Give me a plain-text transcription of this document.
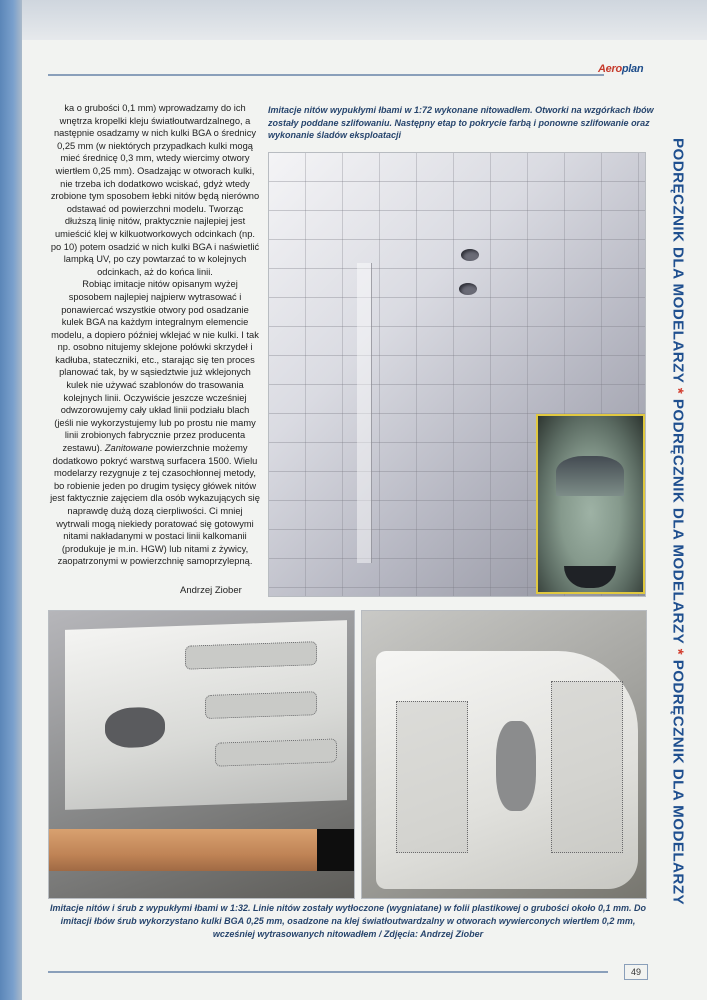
Aeroplan
PODRĘCZNIK DLA MODELARZY * PODRĘCZNIK DLA MODELARZY * PODRĘCZNIK DLA MODELARZY

ka o grubości 0,1 mm) wprowadzamy do ich wnętrza kropelki kleju światłoutwardzalnego, a następnie osadzamy w nich kulki BGA o średnicy 0,25 mm (w niektórych przypadkach kulki mogą mieć średnicę 0,3 mm, wtedy wiercimy otwory wiertłem 0,25 mm). Osadzając w otworach kulki, nie trzeba ich dodatkowo wciskać, gdyż wtedy zrobione tym sposobem łebki nitów będą nierówno odstawać od powierzchni modelu. Tworząc dłuższą linię nitów, praktycznie najlepiej jest umieścić klej w kilkuotworkowych odcinkach (np. po 10) potem osadzić w nich kulki BGA i naświetlić lampką UV, po czy powtarzać to w kolejnych odcinkach, aż do końca linii.

Robiąc imitacje nitów opisanym wyżej sposobem najlepiej najpierw wytrasować i ponawiercać wszystkie otwory pod osadzanie kulek BGA na każdym integralnym elemencie modelu, a dopiero później wklejać w nie kulki. I tak np. osobno nitujemy sklejone połówki skrzydeł i kadłuba, stateczniki, etc., starając się ten proces planować tak, by w sąsiedztwie już wklejonych kulek nie używać szablonów do trasowania kolejnych linii. Oczywiście jeszcze wcześniej odwzorowujemy cały układ linii podziału blach (jeśli nie wykorzystujemy lub po prostu nie mamy linii zrobionych fabrycznie przez producenta zestawu). Zanitowane powierzchnie możemy dodatkowo pokryć warstwą surfacera 1500. Wielu modelarzy rezygnuje z tej czasochłonnej metody, bo robienie jeden po drugim tysięcy główek nitów jest faktycznie zajęciem dla osób wykazujących się naprawdę dużą dozą cierpliwości. Ci mniej wytrwali mogą niekiedy poratować się gotowymi nitami nakładanymi w postaci linii kalkomanii (produkuje je m.in. HGW) lub nitami z żywicy, zaopatrzonymi w powierzchnię samoprzylepną.

Andrzej Ziober
Imitacje nitów wypukłymi łbami w 1:72 wykonane nitowadłem. Otworki na wzgórkach łbów zostały poddane szlifowaniu. Następny etap to pokrycie farbą i ponowne szlifowanie oraz wykonanie śladów eksploatacji
Imitacje nitów i śrub z wypukłymi łbami w 1:32. Linie nitów zostały wytłoczone (wygniatane) w folii plastikowej o grubości około 0,1 mm. Do imitacji łbów śrub wykorzystano kulki BGA 0,25 mm, osadzone na klej światłoutwardzalny w otworach wywierconych wiertłem 0,2 mm, wcześniej wytrasowanych nitowadłem / Zdjęcia: Andrzej Ziober
49
